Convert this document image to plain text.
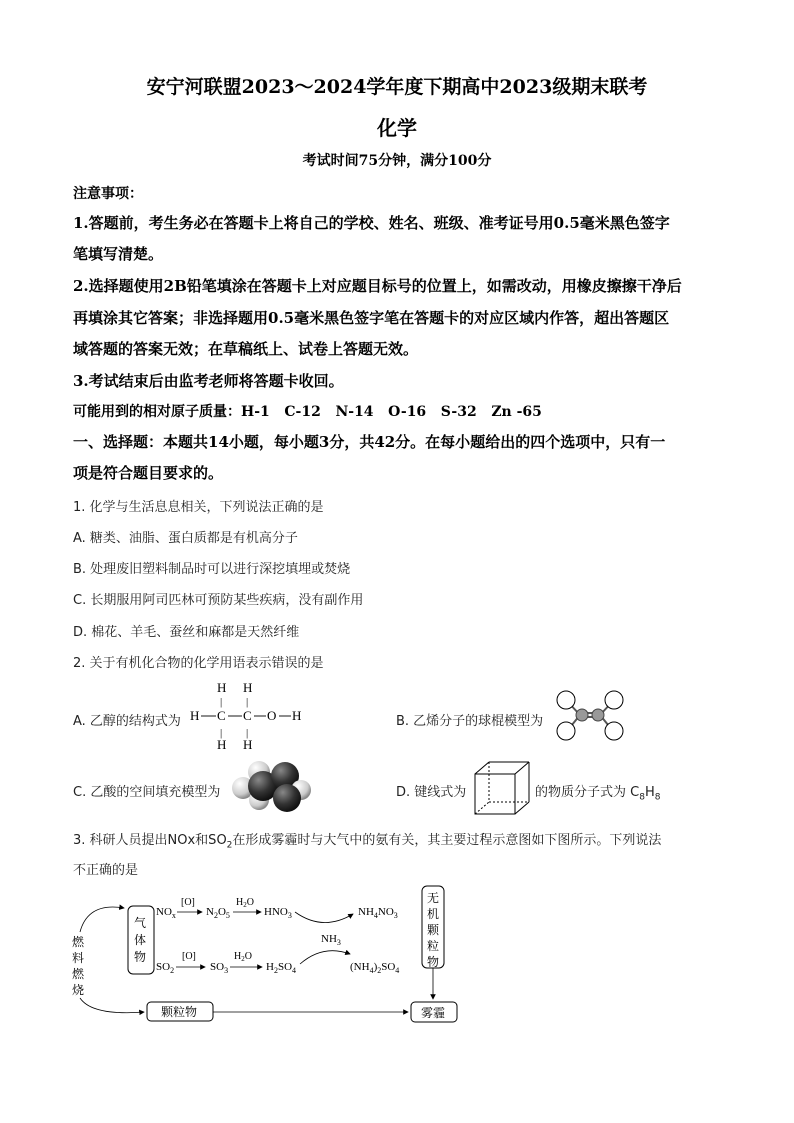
安宁河联盟2023～2024学年度下期高中2023级期末联考
化学
考试时间75分钟，满分100分
注意事项：
1.答题前，考生务必在答题卡上将自己的学校、姓名、班级、准考证号用0.5毫米黑色签字
笔填写清楚。
2.选择题使用2B铅笔填涂在答题卡上对应题目标号的位置上，如需改动，用橡皮擦擦干净后
再填涂其它答案；非选择题用0.5毫米黑色签字笔在答题卡的对应区域内作答，超出答题区
域答题的答案无效；在草稿纸上、试卷上答题无效。
3.考试结束后由监考老师将答题卡收回。
可能用到的相对原子质量：H-1   C-12   N-14   O-16   S-32   Zn -65
一、选择题：本题共14小题，每小题3分，共42分。在每小题给出的四个选项中，只有一
项是符合题目要求的。
1. 化学与生活息息相关，下列说法正确的是
A. 糖类、油脂、蛋白质都是有机高分子
B. 处理废旧塑料制品时可以进行深挖填埋或焚烧
C. 长期服用阿司匹林可预防某些疾病，没有副作用
D. 棉花、羊毛、蚕丝和麻都是天然纤维
2. 关于有机化合物的化学用语表示错误的是
A. 乙醇的结构式为
H H
| |
H C C O H
| |
H H
B. 乙烯分子的球棍模型为
C. 乙酸的空间填充模型为	D. 键线式为	的物质分子式为 $C_8H_8$
3. 科研人员提出NOx和$SO_2$在形成雾霾时与大气中的氨有关，其主要过程示意图如下图所示。下列说法
不正确的是
燃
料
燃
烧
气
体
物
$NO_x$
[O]
$N_2O_5$
$H_2O$
$HNO_3$	$NH_4NO_3$
$NH_3$
$SO_2$
[O]
$SO_3$
$H_2O$
$H_2SO_4$	$(NH_4)_2SO_4$
无
机
颗
粒
物
颗粒物	雾霾
